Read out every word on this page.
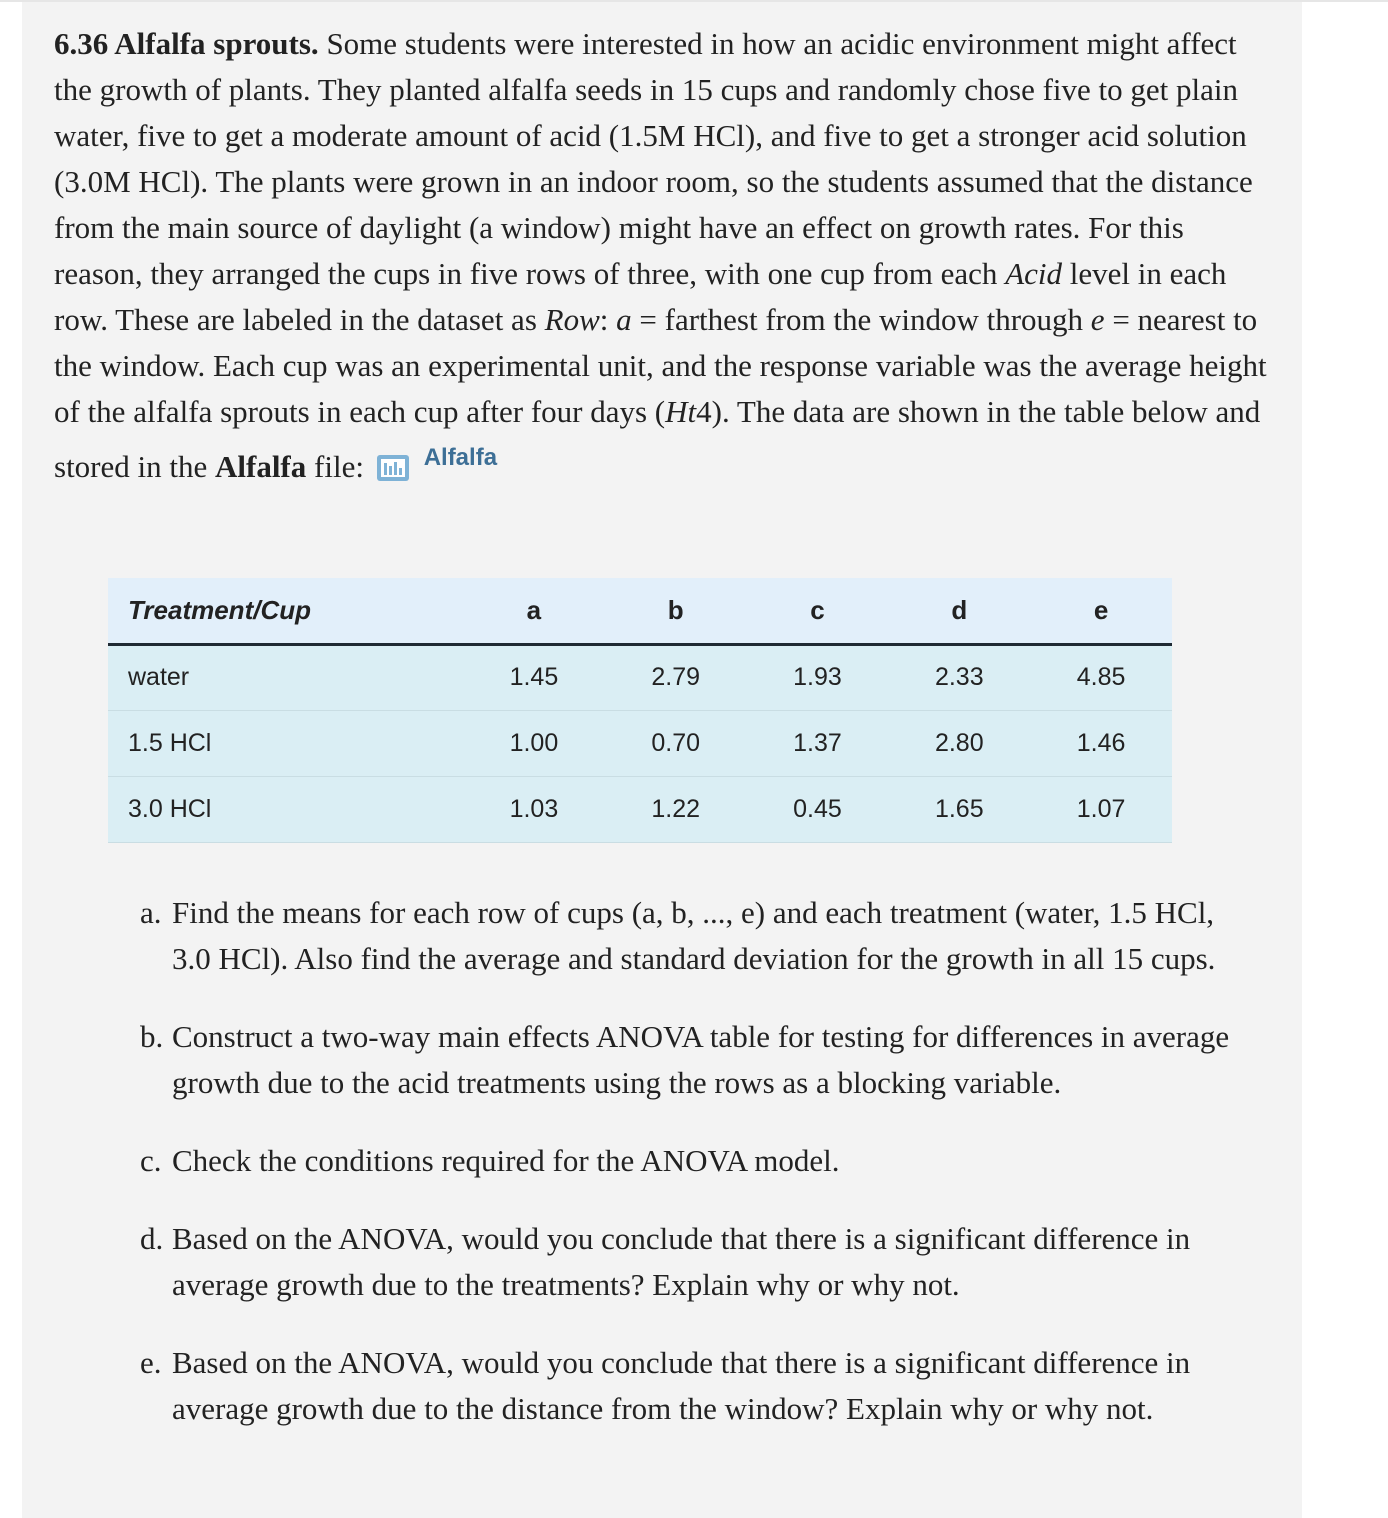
6.36 Alfalfa sprouts. Some students were interested in how an acidic environment might affect the growth of plants. They planted alfalfa seeds in 15 cups and randomly chose five to get plain water, five to get a moderate amount of acid (1.5M HCl), and five to get a stronger acid solution (3.0M HCl). The plants were grown in an indoor room, so the students assumed that the distance from the main source of daylight (a window) might have an effect on growth rates. For this reason, they arranged the cups in five rows of three, with one cup from each Acid level in each row. These are labeled in the dataset as Row: a = farthest from the window through e = nearest to the window. Each cup was an experimental unit, and the response variable was the average height of the alfalfa sprouts in each cup after four days (Ht4). The data are shown in the table below and stored in the Alfalfa file: Alfalfa

Treatment/Cup	a	b	c	d	e
water	1.45	2.79	1.93	2.33	4.85
1.5 HCl	1.00	0.70	1.37	2.80	1.46
3.0 HCl	1.03	1.22	0.45	1.65	1.07
a. Find the means for each row of cups (a, b, ..., e) and each treatment (water, 1.5 HCl, 3.0 HCl). Also find the average and standard deviation for the growth in all 15 cups.
b. Construct a two-way main effects ANOVA table for testing for differences in average growth due to the acid treatments using the rows as a blocking variable.
c. Check the conditions required for the ANOVA model.
d. Based on the ANOVA, would you conclude that there is a significant difference in average growth due to the treatments? Explain why or why not.
e. Based on the ANOVA, would you conclude that there is a significant difference in average growth due to the distance from the window? Explain why or why not.
